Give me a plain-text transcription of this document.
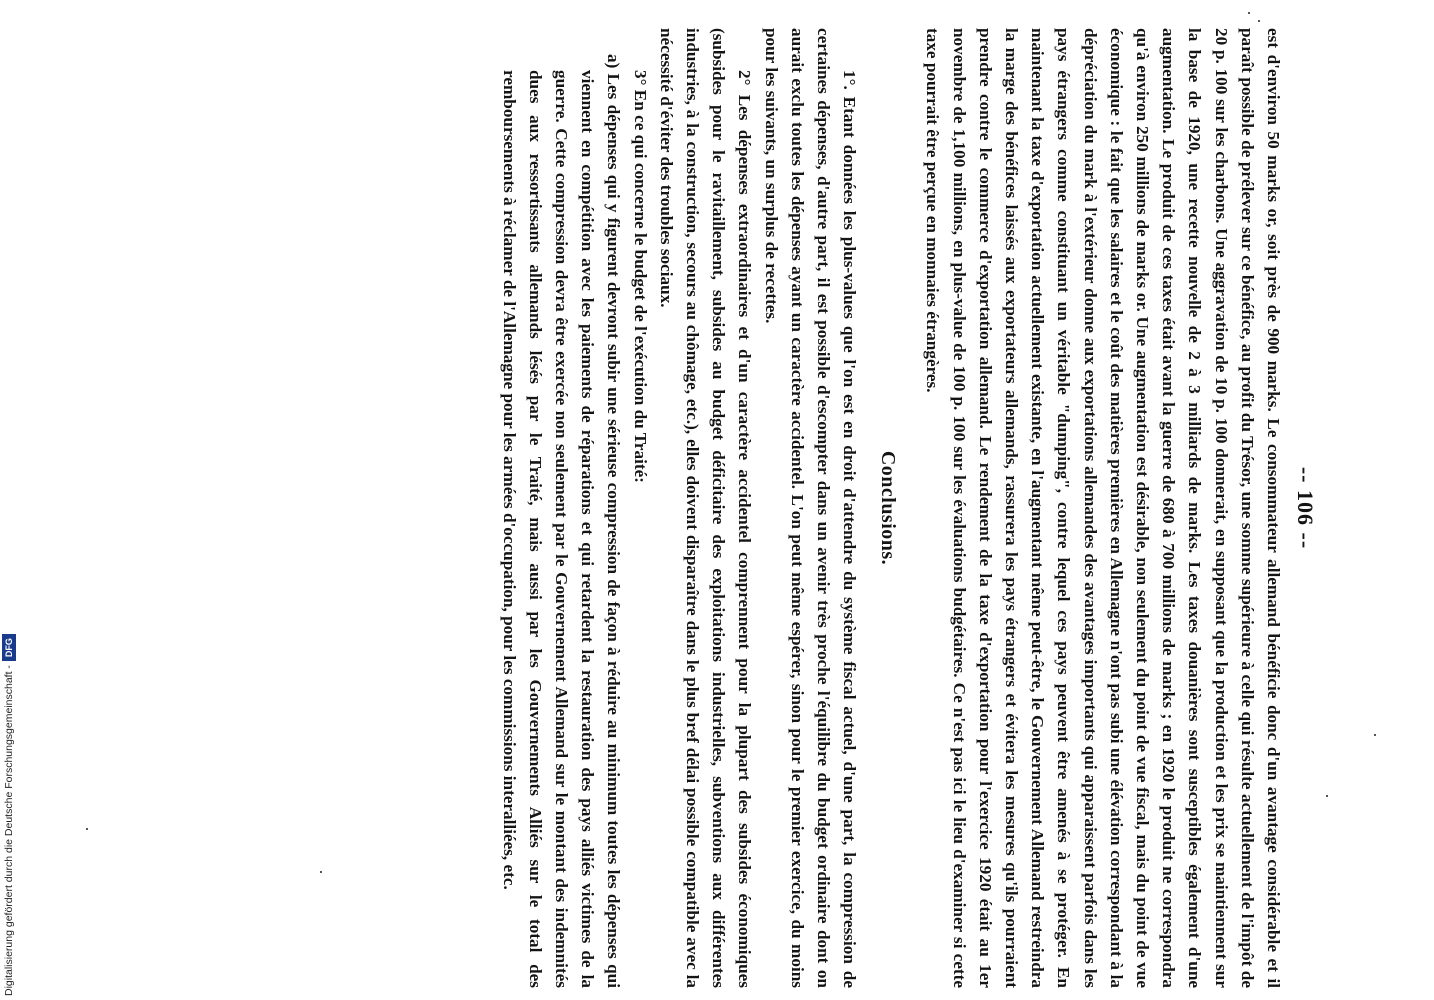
-- 106 --

est d'environ 50 marks or, soit près de 900 marks. Le consommateur allemand bénéficie donc d'un avantage considérable et il paraît possible de prélever sur ce bénéfice, au profit du Trésor, une somme supérieure à celle qui résulte actuellement de l'impôt de 20 p. 100 sur les charbons. Une aggravation de 10 p. 100 donnerait, en supposant que la production et les prix se maintiennent sur la base de 1920, une recette nouvelle de 2 à 3 milliards de marks. Les taxes douanières sont susceptibles également d'une augmentation. Le produit de ces taxes était avant la guerre de 680 à 700 millions de marks ; en 1920 le produit ne correspondra qu'à environ 250 millions de marks or. Une augmentation est désirable, non seulement du point de vue fiscal, mais du point de vue économique : le fait que les salaires et le coût des matières premières en Allemagne n'ont pas subi une élévation correspondant à la dépréciation du mark à l'extérieur donne aux exportations allemandes des avantages importants qui apparaissent parfois dans les pays étrangers comme constituant un véritable "dumping", contre lequel ces pays peuvent être amenés à se protéger. En maintenant la taxe d'exportation actuellement existante, en l'augmentant même peut-être, le Gouvernement Allemand restreindra la marge des bénéfices laissés aux exportateurs allemands, rassurera les pays étrangers et évitera les mesures qu'ils pourraient prendre contre le commerce d'exportation allemand. Le rendement de la taxe d'exportation pour l'exercice 1920 était au 1er novembre de 1,100 millions, en plus-value de 100 p. 100 sur les évaluations budgétaires. Ce n'est pas ici le lieu d'examiner si cette taxe pourrait être perçue en monnaies étrangères.

Conclusions.

1°. Etant données les plus-values que l'on est en droit d'attendre du système fiscal actuel, d'une part, la compression de certaines dépenses, d'autre part, il est possible d'escompter dans un avenir très proche l'équilibre du budget ordinaire dont on aurait exclu toutes les dépenses ayant un caractère accidentel. L'on peut même espérer, sinon pour le premier exercice, du moins pour les suivants, un surplus de recettes.

2° Les dépenses extraordinaires et d'un caractère accidentel comprennent pour la plupart des subsides économiques (subsides pour le ravitaillement, subsides au budget déficitaire des exploitations industrielles, subventions aux différentes industries, à la construction, secours au chômage, etc.), elles doivent disparaître dans le plus bref délai possible compatible avec la nécessité d'éviter des troubles sociaux.

3° En ce qui concerne le budget de l'exécution du Traité:

a) Les dépenses qui y figurent devront subir une sérieuse compression de façon à réduire au minimum toutes les dépenses qui viennent en compétition avec les paiements de réparations et qui retardent la restauration des pays alliés victimes de la guerre. Cette compression devra être exercée non seulement par le Gouvernement Allemand sur le montant des indemnités dues aux ressortissants allemands lésés par le Traité, mais aussi par les Gouvernements Alliés sur le total des remboursements à réclamer de l'Allemagne pour les armées d'occupation, pour les commissions interalliées, etc.

Digitalisierung gefördert durch die Deutsche Forschungsgemeinschaft -
DFG
